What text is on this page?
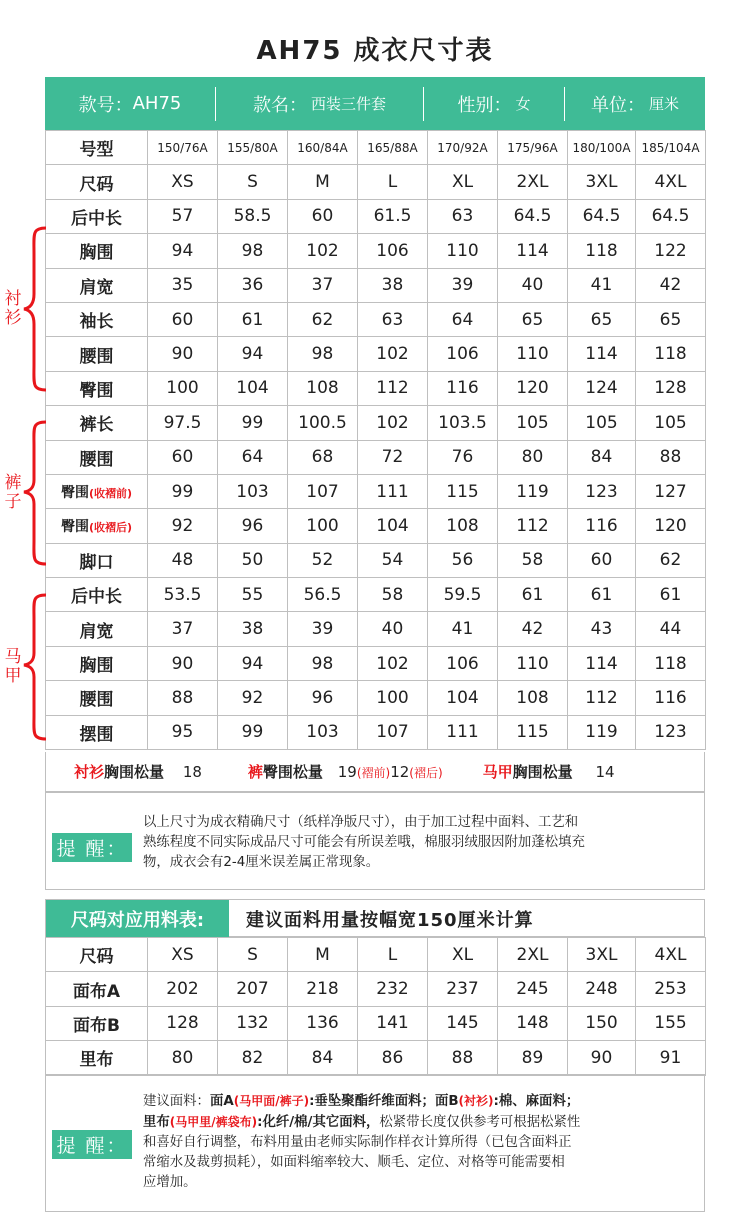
AH75 成衣尺寸表
款号： AH75	款名： 西装三件套	性别： 女	单位： 厘米
号型	150/76A	155/80A	160/84A	165/88A	170/92A	175/96A	180/100A	185/104A
尺码	XS	S	M	L	XL	2XL	3XL	4XL
后中长	57	58.5	60	61.5	63	64.5	64.5	64.5
胸围	94	98	102	106	110	114	118	122
肩宽	35	36	37	38	39	40	41	42
袖长	60	61	62	63	64	65	65	65
腰围	90	94	98	102	106	110	114	118
臀围	100	104	108	112	116	120	124	128
裤长	97.5	99	100.5	102	103.5	105	105	105
腰围	60	64	68	72	76	80	84	88
臀围(收褶前)	99	103	107	111	115	119	123	127
臀围(收褶后)	92	96	100	104	108	112	116	120
脚口	48	50	52	54	56	58	60	62
后中长	53.5	55	56.5	58	59.5	61	61	61
肩宽	37	38	39	40	41	42	43	44
胸围	90	94	98	102	106	110	114	118
腰围	88	92	96	100	104	108	112	116
摆围	95	99	103	107	111	115	119	123
衬衫
裤子
马甲
衬衫胸围松量 18	裤臀围松量 19(褶前)12(褶后)	马甲胸围松量 14
提 醒：
以上尺寸为成衣精确尺寸（纸样净版尺寸），由于加工过程中面料、工艺和
熟练程度不同实际成品尺寸可能会有所误差哦，棉服羽绒服因附加蓬松填充
物，成衣会有2-4厘米误差属正常现象。
尺码对应用料表:	建议面料用量按幅宽150厘米计算
尺码	XS	S	M	L	XL	2XL	3XL	4XL
面布A	202	207	218	232	237	245	248	253
面布B	128	132	136	141	145	148	150	155
里布	80	82	84	86	88	89	90	91
提 醒：
建议面料：面A(马甲面/裤子):垂坠聚酯纤维面料；面B(衬衫):棉、麻面料；
里布(马甲里/裤袋布):化纤/棉/其它面料，松紧带长度仅供参考可根据松紧性
和喜好自行调整，布料用量由老师实际制作样衣计算所得（已包含面料正
常缩水及裁剪损耗），如面料缩率较大、顺毛、定位、对格等可能需要相
应增加。
